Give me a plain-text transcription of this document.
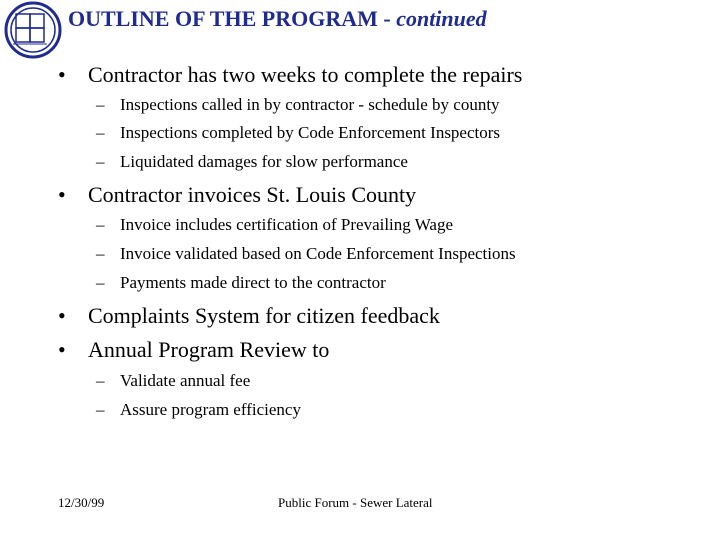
OUTLINE OF THE PROGRAM - continued
• Contractor has two weeks to complete the repairs
– Inspections called in by contractor - schedule by county
– Inspections completed by Code Enforcement Inspectors
– Liquidated damages for slow performance
• Contractor invoices St. Louis County
– Invoice includes certification of Prevailing Wage
– Invoice validated based on Code Enforcement Inspections
– Payments made direct to the contractor
• Complaints System for citizen feedback
• Annual Program Review to
– Validate annual fee
– Assure program efficiency
12/30/99	Public Forum - Sewer Lateral
